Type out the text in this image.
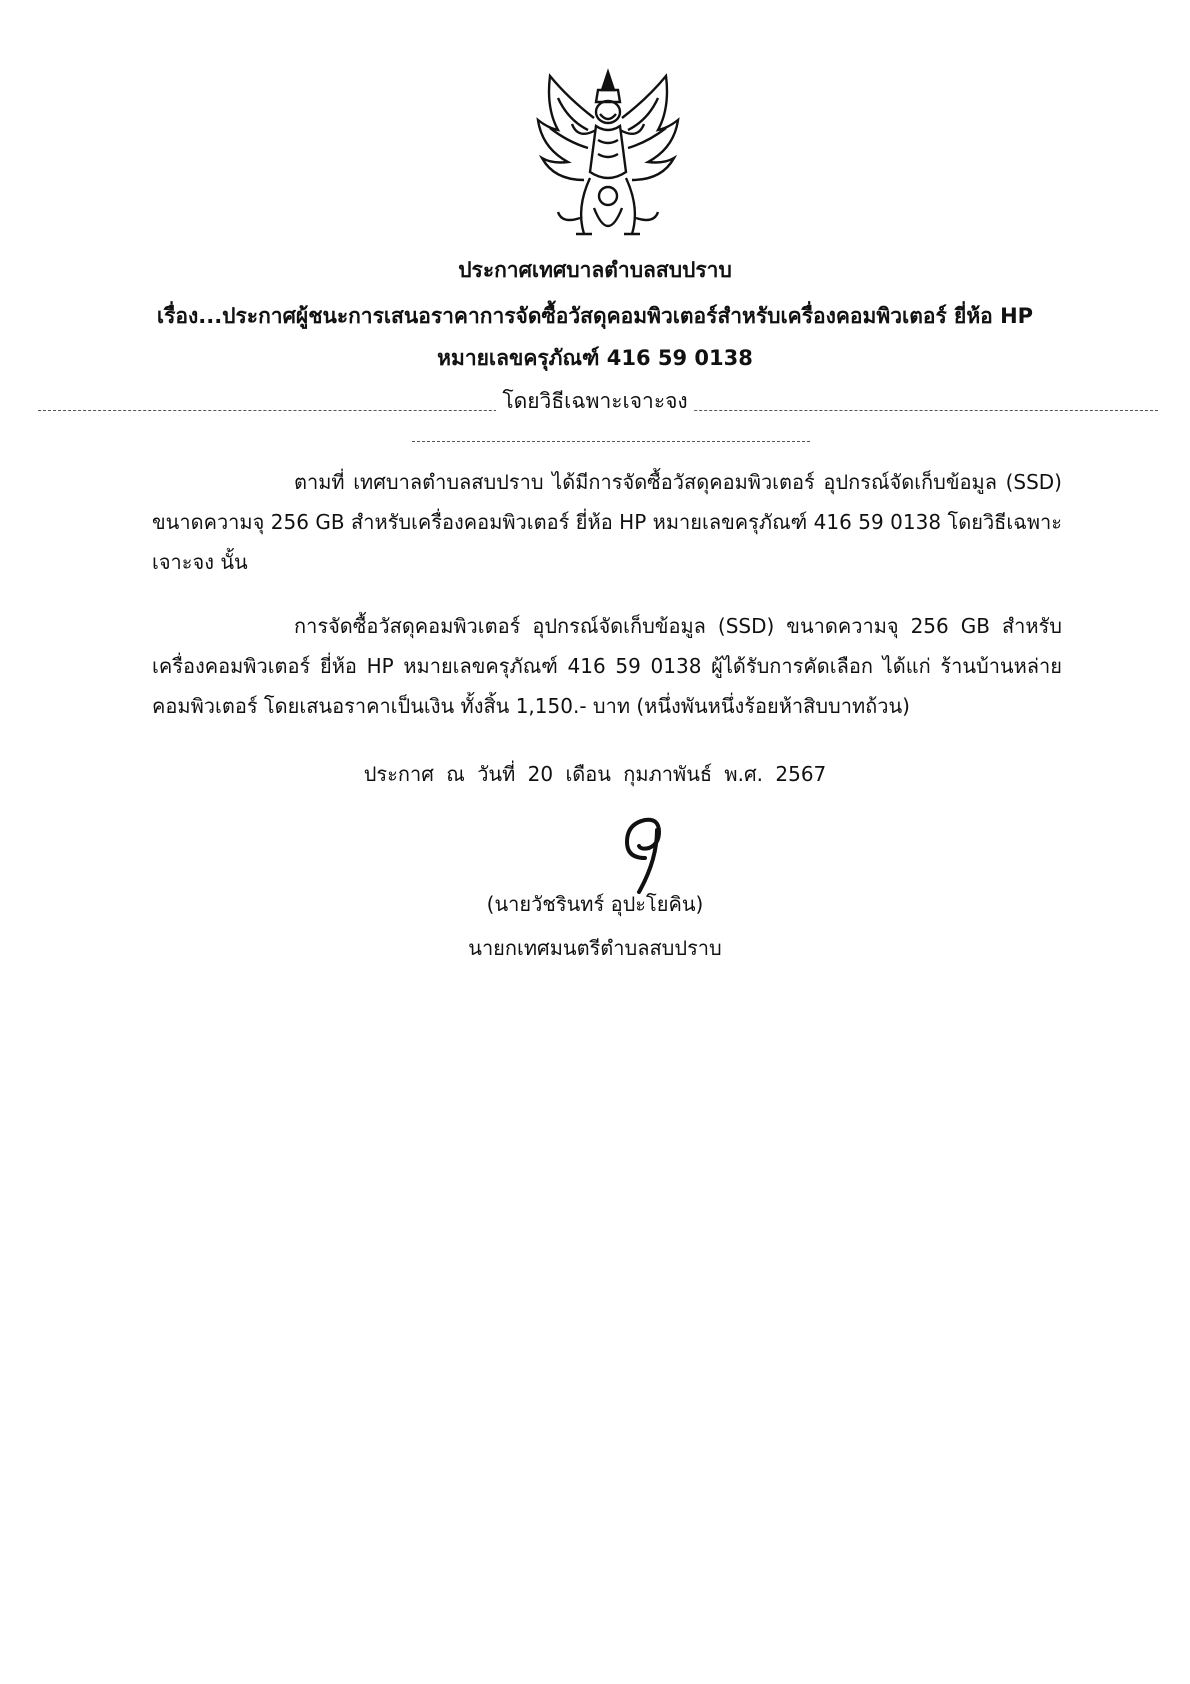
ประกาศเทศบาลตำบลสบปราบ
เรื่อง...ประกาศผู้ชนะการเสนอราคาการจัดซื้อวัสดุคอมพิวเตอร์สำหรับเครื่องคอมพิวเตอร์ ยี่ห้อ HP
หมายเลขครุภัณฑ์ 416 59 0138
โดยวิธีเฉพาะเจาะจง
ตามที่ เทศบาลตำบลสบปราบ ได้มีการจัดซื้อวัสดุคอมพิวเตอร์ อุปกรณ์จัดเก็บข้อมูล (SSD) ขนาดความจุ 256 GB สำหรับเครื่องคอมพิวเตอร์ ยี่ห้อ HP หมายเลขครุภัณฑ์ 416 59 0138 โดยวิธีเฉพาะเจาะจง นั้น
การจัดซื้อวัสดุคอมพิวเตอร์ อุปกรณ์จัดเก็บข้อมูล (SSD) ขนาดความจุ 256 GB สำหรับเครื่องคอมพิวเตอร์ ยี่ห้อ HP หมายเลขครุภัณฑ์ 416 59 0138 ผู้ได้รับการคัดเลือก ได้แก่ ร้านบ้านหล่ายคอมพิวเตอร์ โดยเสนอราคาเป็นเงิน ทั้งสิ้น 1,150.- บาท (หนึ่งพันหนึ่งร้อยห้าสิบบาทถ้วน)
ประกาศ ณ วันที่ 20 เดือน กุมภาพันธ์ พ.ศ. 2567
(นายวัชรินทร์ อุปะโยคิน)
นายกเทศมนตรีตำบลสบปราบ
